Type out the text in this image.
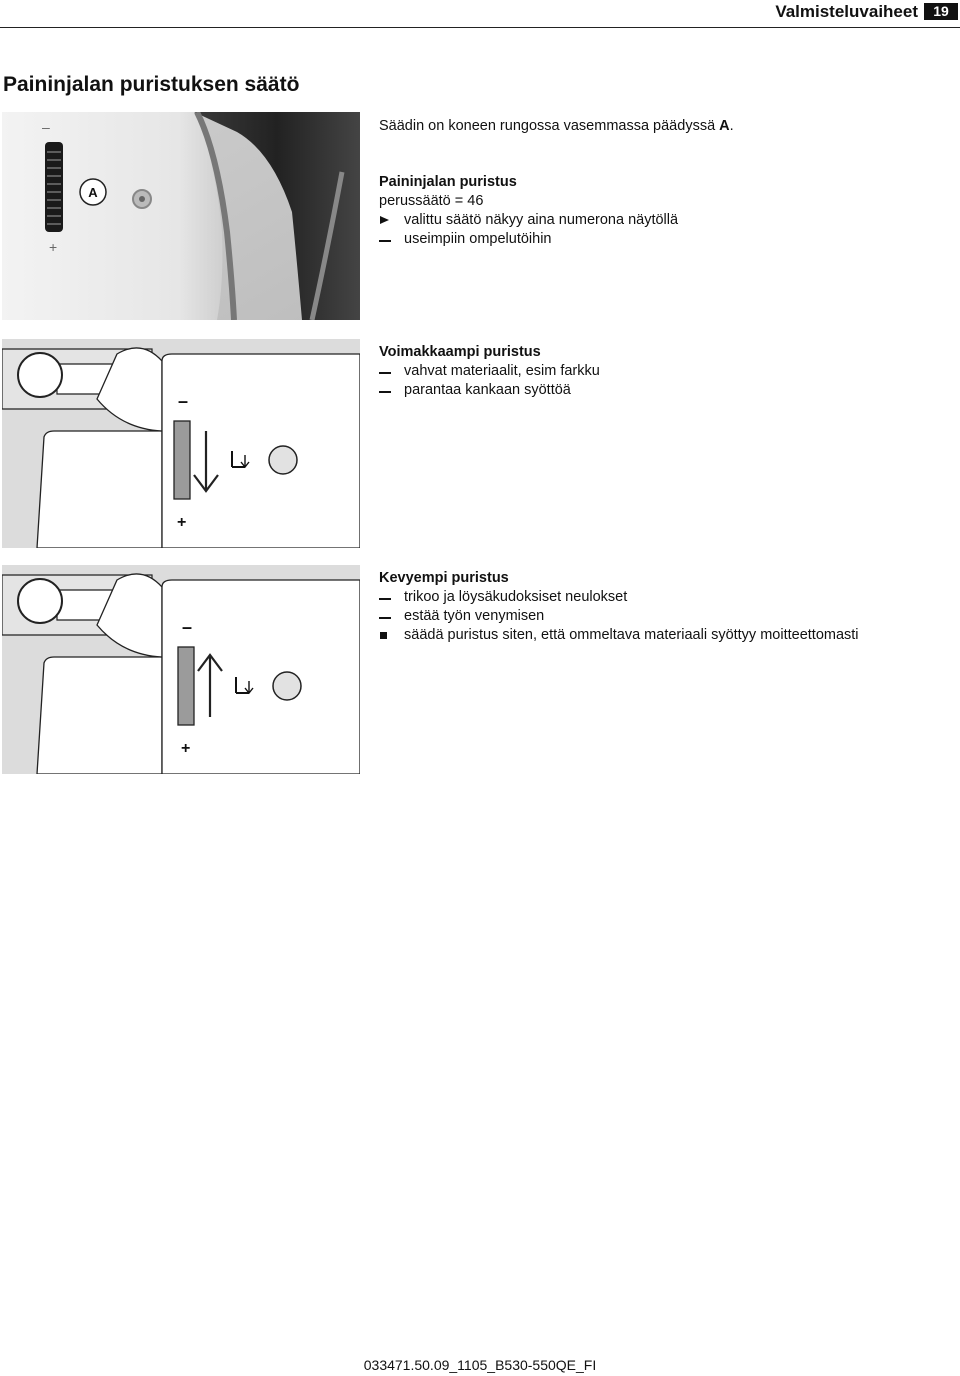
Valmisteluvaiheet	19
Paininjalan puristuksen säätö
A
–
+
Säädin on koneen rungossa vasemmassa päädyssä A.
Paininjalan puristus
perussäätö = 46
valittu säätö näkyy aina numerona näytöllä
useimpiin ompelutöihin
–
+
Voimakkaampi puristus
vahvat materiaalit, esim farkku
parantaa kankaan syöttöä
–
+
Kevyempi puristus
trikoo ja löysäkudoksiset neulokset
estää työn venymisen
säädä puristus siten, että ommeltava materiaali syöttyy moitteettomasti
033471.50.09_1105_B530-550QE_FI
